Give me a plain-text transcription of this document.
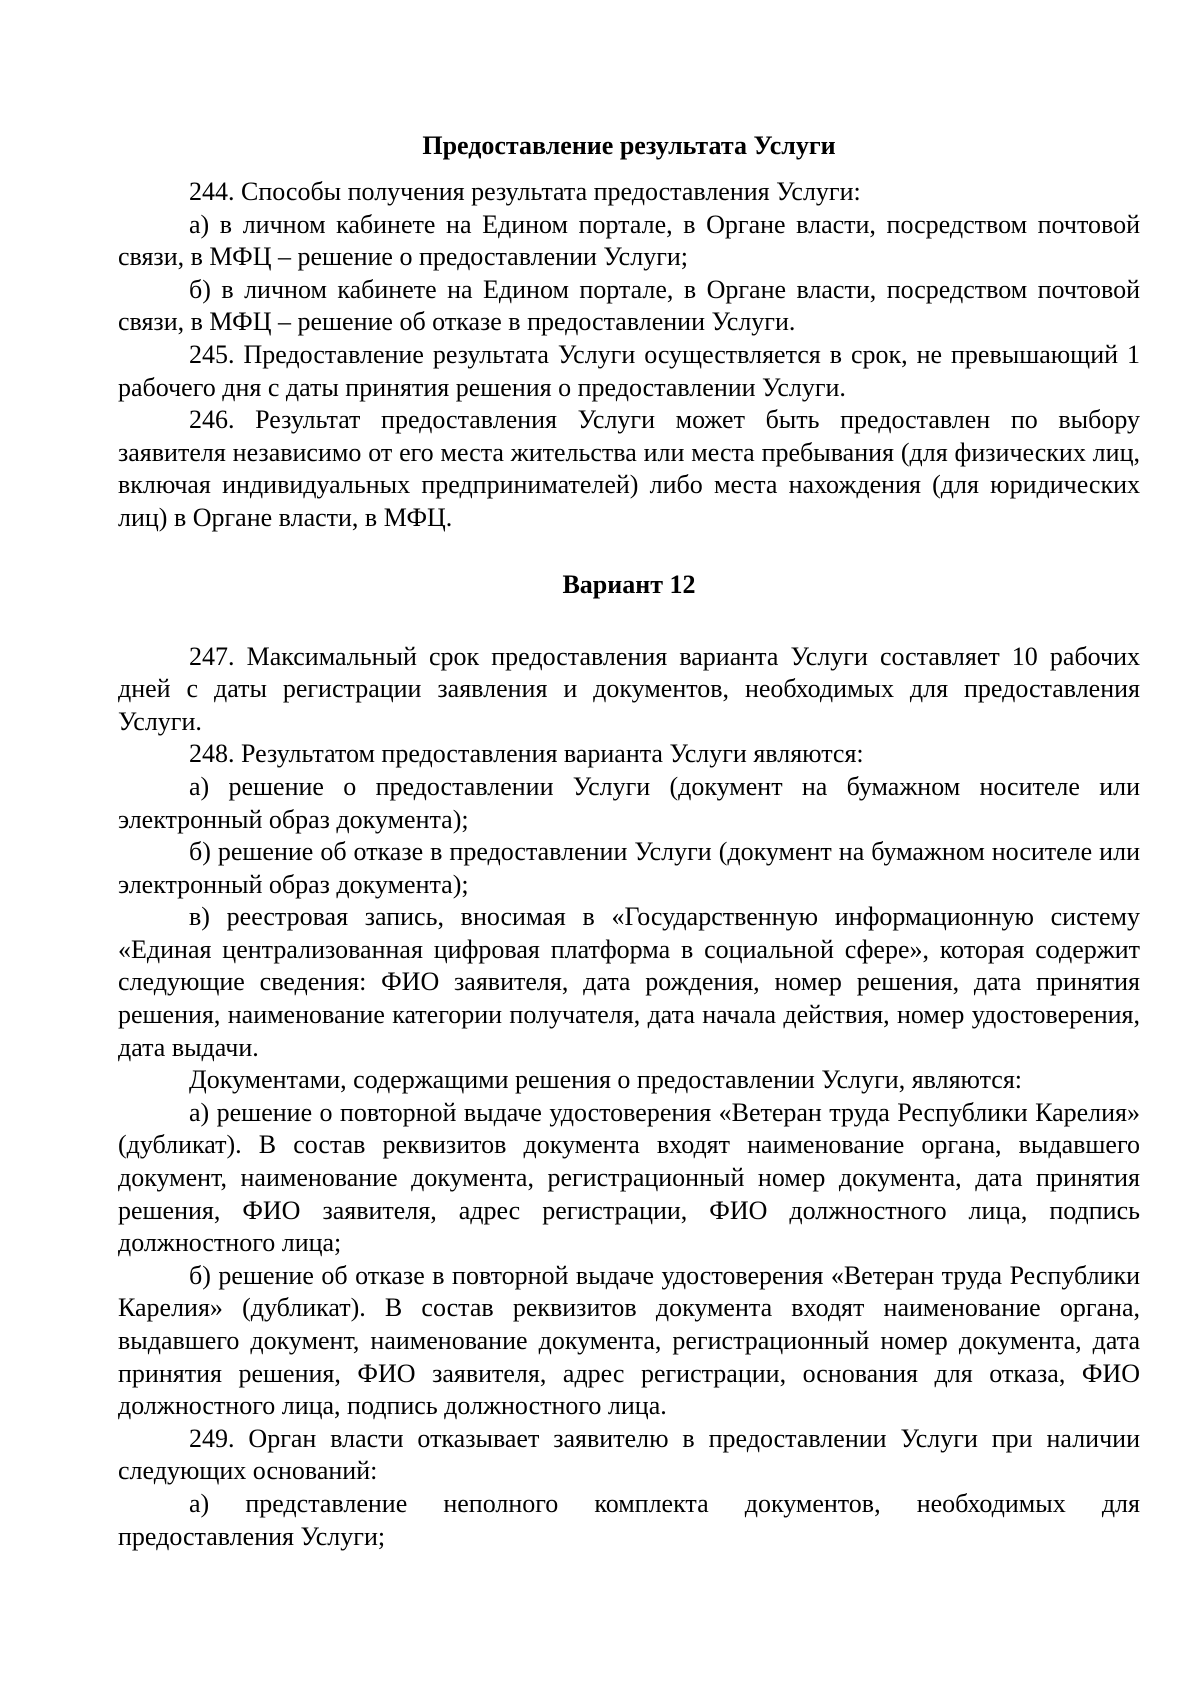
Предоставление результата Услуги

244. Способы получения результата предоставления Услуги:

а) в личном кабинете на Едином портале, в Органе власти, посредством почтовой связи, в МФЦ – решение о предоставлении Услуги;

б) в личном кабинете на Едином портале, в Органе власти, посредством почтовой связи, в МФЦ – решение об отказе в предоставлении Услуги.

245. Предоставление результата Услуги осуществляется в срок, не превышающий 1 рабочего дня с даты принятия решения о предоставлении Услуги.

246. Результат предоставления Услуги может быть предоставлен по выбору заявителя независимо от его места жительства или места пребывания (для физических лиц, включая индивидуальных предпринимателей) либо места нахождения (для юридических лиц) в Органе власти, в МФЦ.

Вариант 12

247. Максимальный срок предоставления варианта Услуги составляет 10 рабочих дней с даты регистрации заявления и документов, необходимых для предоставления Услуги.

248. Результатом предоставления варианта Услуги являются:

а) решение о предоставлении Услуги (документ на бумажном носителе или электронный образ документа);

б) решение об отказе в предоставлении Услуги (документ на бумажном носителе или электронный образ документа);

в) реестровая запись, вносимая в «Государственную информационную систему «Единая централизованная цифровая платформа в социальной сфере», которая содержит следующие сведения: ФИО заявителя, дата рождения, номер решения, дата принятия решения, наименование категории получателя, дата начала действия, номер удостоверения, дата выдачи.

Документами, содержащими решения о предоставлении Услуги, являются:

а) решение о повторной выдаче удостоверения «Ветеран труда Республики Карелия» (дубликат). В состав реквизитов документа входят наименование органа, выдавшего документ, наименование документа, регистрационный номер документа, дата принятия решения, ФИО заявителя, адрес регистрации, ФИО должностного лица, подпись должностного лица;

б) решение об отказе в повторной выдаче удостоверения «Ветеран труда Республики Карелия» (дубликат). В состав реквизитов документа входят наименование органа, выдавшего документ, наименование документа, регистрационный номер документа, дата принятия решения, ФИО заявителя, адрес регистрации, основания для отказа, ФИО должностного лица, подпись должностного лица.

249. Орган власти отказывает заявителю в предоставлении Услуги при наличии следующих оснований:

а) представление неполного комплекта документов, необходимых для предоставления Услуги;
